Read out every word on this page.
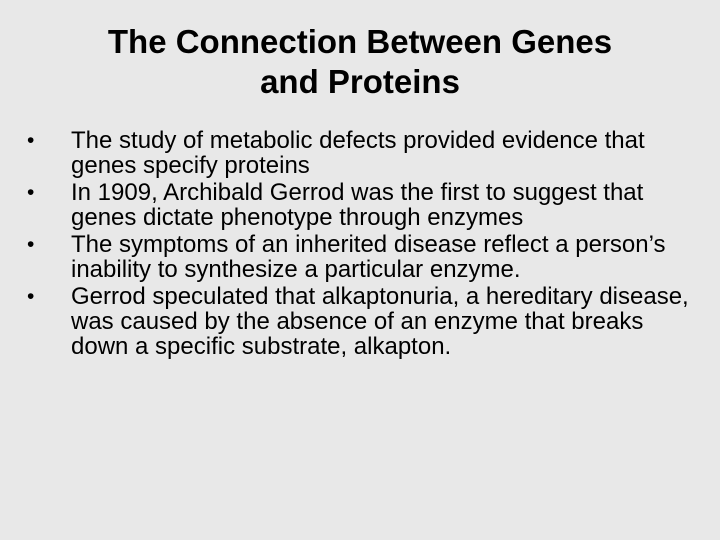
The Connection Between Genes
and Proteins
•	The study of metabolic defects provided evidence that genes specify proteins
•	In 1909, Archibald Gerrod was the first to suggest that genes dictate phenotype through enzymes
•	The symptoms of an inherited disease reflect a person’s inability to synthesize a particular enzyme.
•	Gerrod speculated that alkaptonuria, a hereditary disease, was caused by the absence of an enzyme that breaks down a specific substrate, alkapton.
